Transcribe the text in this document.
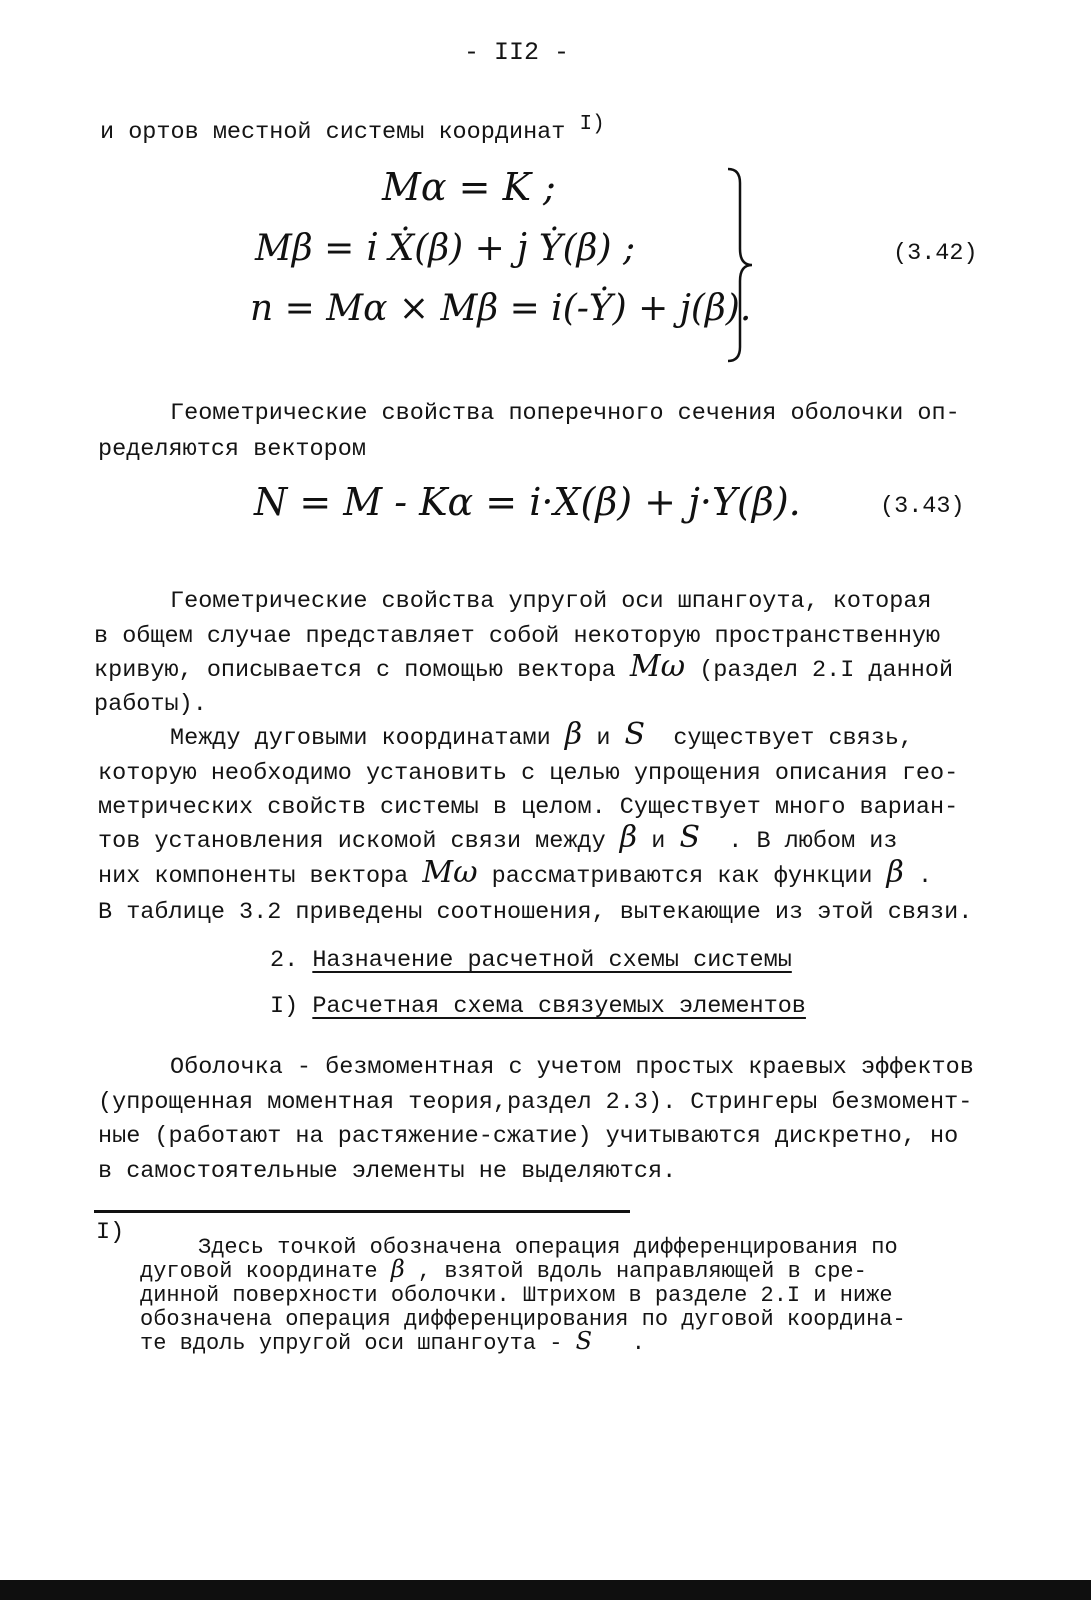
- II2 -
и ортов местной системы координат $^{I)}$
Mα = K ;
Mβ = i̇ Ẋ(β) + j̇ Ẏ(β) ;
n = Mα × Mβ = i(-Ẏ) + j(β).
(3.42)
Геометрические свойства поперечного сечения оболочки оп-
ределяются вектором
N = M - Kα = i·X(β) + j·Y(β).	(3.43)
Геометрические свойства упругой оси шпангоута, которая
в общем случае представляет собой некоторую пространственную
кривую, описывается с помощью вектора Mω (раздел 2.I данной
работы).
Между дуговыми координатами β и S существует связь,
которую необходимо установить с целью упрощения описания гео-
метрических свойств системы в целом. Существует много вариан-
тов установления искомой связи между β и S . В любом из
них компоненты вектора Mω рассматриваются как функции β .
В таблице 3.2 приведены соотношения, вытекающие из этой связи.
2. Назначение расчетной схемы системы
I) Расчетная схема связуемых элементов
Оболочка - безмоментная с учетом простых краевых эффектов
(упрощенная моментная теория,раздел 2.3). Стрингеры безмомент-
ные (работают на растяжение-сжатие) учитываются дискретно, но
в самостоятельные элементы не выделяются.
I)
Здесь точкой обозначена операция дифференцирования по
дуговой координате β , взятой вдоль направляющей в сре-
динной поверхности оболочки. Штрихом в разделе 2.I и ниже
обозначена операция дифференцирования по дуговой координа-
те вдоль упругой оси шпангоута - S .
